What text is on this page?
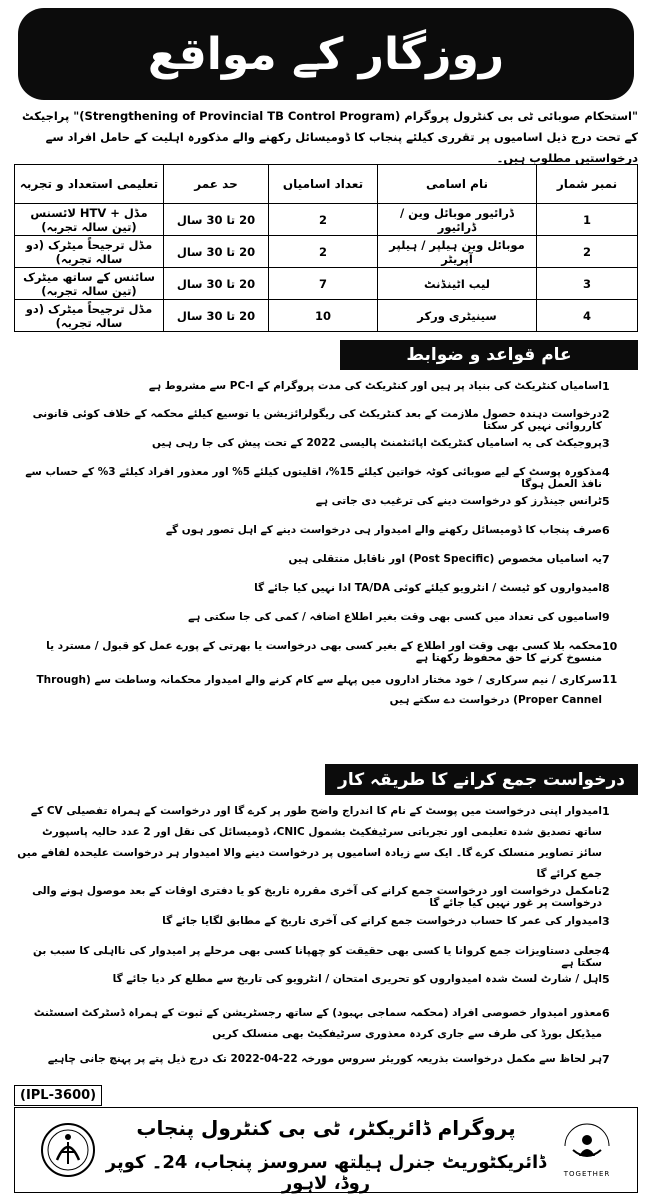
روزگار کے مواقع
"استحکام صوبائی ٹی بی کنٹرول پروگرام (Strengthening of Provincial TB Control Program)" پراجیکٹ کے تحت درج ذیل اسامیوں پر تقرری کیلئے پنجاب کا ڈومیسائل رکھنے والے مذکورہ اہلیت کے حامل افراد سے درخواستیں مطلوب ہیں۔
نمبر شمار	نام اسامی	تعداد اسامیاں	حد عمر	تعلیمی استعداد و تجربہ
1	ڈرائیور موبائل وین / ڈرائیور	2	20 تا 30 سال	مڈل + HTV لائسنس (تین سالہ تجربہ)
2	موبائل وین ہیلپر / ہیلپر آپریٹر	2	20 تا 30 سال	مڈل ترجیحاً میٹرک (دو سالہ تجربہ)
3	لیب اٹینڈنٹ	7	20 تا 30 سال	سائنس کے ساتھ میٹرک (تین سالہ تجربہ)
4	سینیٹری ورکر	10	20 تا 30 سال	مڈل ترجیحاً میٹرک (دو سالہ تجربہ)
عام قواعد و ضوابط
1
اسامیاں کنٹریکٹ کی بنیاد پر ہیں اور کنٹریکٹ کی مدت پروگرام کے PC-I سے مشروط ہے
2
درخواست دہندہ حصول ملازمت کے بعد کنٹریکٹ کی ریگولرائزیشن یا توسیع کیلئے محکمہ کے خلاف کوئی قانونی کارروائی نہیں کر سکتا
3
پروجیکٹ کی یہ اسامیاں کنٹریکٹ اپائنٹمنٹ پالیسی 2022 کے تحت پیش کی جا رہی ہیں
4
مذکورہ پوسٹ کے لیے صوبائی کوٹہ خواتین کیلئے 15%، اقلیتوں کیلئے 5% اور معذور افراد کیلئے 3% کے حساب سے نافذ العمل ہوگا
5
ٹرانس جینڈرز کو درخواست دینے کی ترغیب دی جاتی ہے
6
صرف پنجاب کا ڈومیسائل رکھنے والے امیدوار ہی درخواست دینے کے اہل تصور ہوں گے
7
یہ اسامیاں مخصوص (Post Specific) اور ناقابل منتقلی ہیں
8
امیدواروں کو ٹیسٹ / انٹرویو کیلئے کوئی TA/DA ادا نہیں کیا جائے گا
9
اسامیوں کی تعداد میں کسی بھی وقت بغیر اطلاع اضافہ / کمی کی جا سکتی ہے
10
محکمہ بلا کسی بھی وقت اور اطلاع کے بغیر کسی بھی درخواست یا بھرتی کے پورے عمل کو قبول / مسترد یا منسوخ کرنے کا حق محفوظ رکھتا ہے
11
سرکاری / نیم سرکاری / خود مختار اداروں میں پہلے سے کام کرنے والے امیدوار محکمانہ وساطت سے (Through Proper Cannel) درخواست دے سکتے ہیں
درخواست جمع کرانے کا طریقہ کار
1
امیدوار اپنی درخواست میں پوسٹ کے نام کا اندراج واضح طور پر کرے گا اور درخواست کے ہمراہ تفصیلی CV کے ساتھ تصدیق شدہ تعلیمی اور تجرباتی سرٹیفکیٹ بشمول CNIC، ڈومیسائل کی نقل اور 2 عدد حالیہ پاسپورٹ سائز تصاویر منسلک کرے گا۔ ایک سے زیادہ اسامیوں پر درخواست دینے والا امیدوار ہر درخواست علیحدہ لفافے میں جمع کرائے گا
2
نامکمل درخواست اور درخواست جمع کرانے کی آخری مقررہ تاریخ کو یا دفتری اوقات کے بعد موصول ہونے والی درخواست پر غور نہیں کیا جائے گا
3
امیدوار کی عمر کا حساب درخواست جمع کرانے کی آخری تاریخ کے مطابق لگایا جائے گا
4
جعلی دستاویزات جمع کروانا یا کسی بھی حقیقت کو چھپانا کسی بھی مرحلے پر امیدوار کی نااہلی کا سبب بن سکتا ہے
5
اہل / شارٹ لسٹ شدہ امیدواروں کو تحریری امتحان / انٹرویو کی تاریخ سے مطلع کر دیا جائے گا
6
معذور امیدوار خصوصی افراد (محکمہ سماجی بہبود) کے ساتھ رجسٹریشن کے ثبوت کے ہمراہ ڈسٹرکٹ اسسٹنٹ میڈیکل بورڈ کی طرف سے جاری کردہ معذوری سرٹیفکیٹ بھی منسلک کریں
7
ہر لحاظ سے مکمل درخواست بذریعہ کوریئر سروس مورخہ 22-04-2022 تک درج ذیل پتے پر پہنچ جانی چاہیے
(IPL-3600)
پروگرام ڈائریکٹر، ٹی بی کنٹرول پنجاب
ڈائریکٹوریٹ جنرل ہیلتھ سروسز پنجاب، 24۔ کوپر روڈ، لاہور	TOGETHER
